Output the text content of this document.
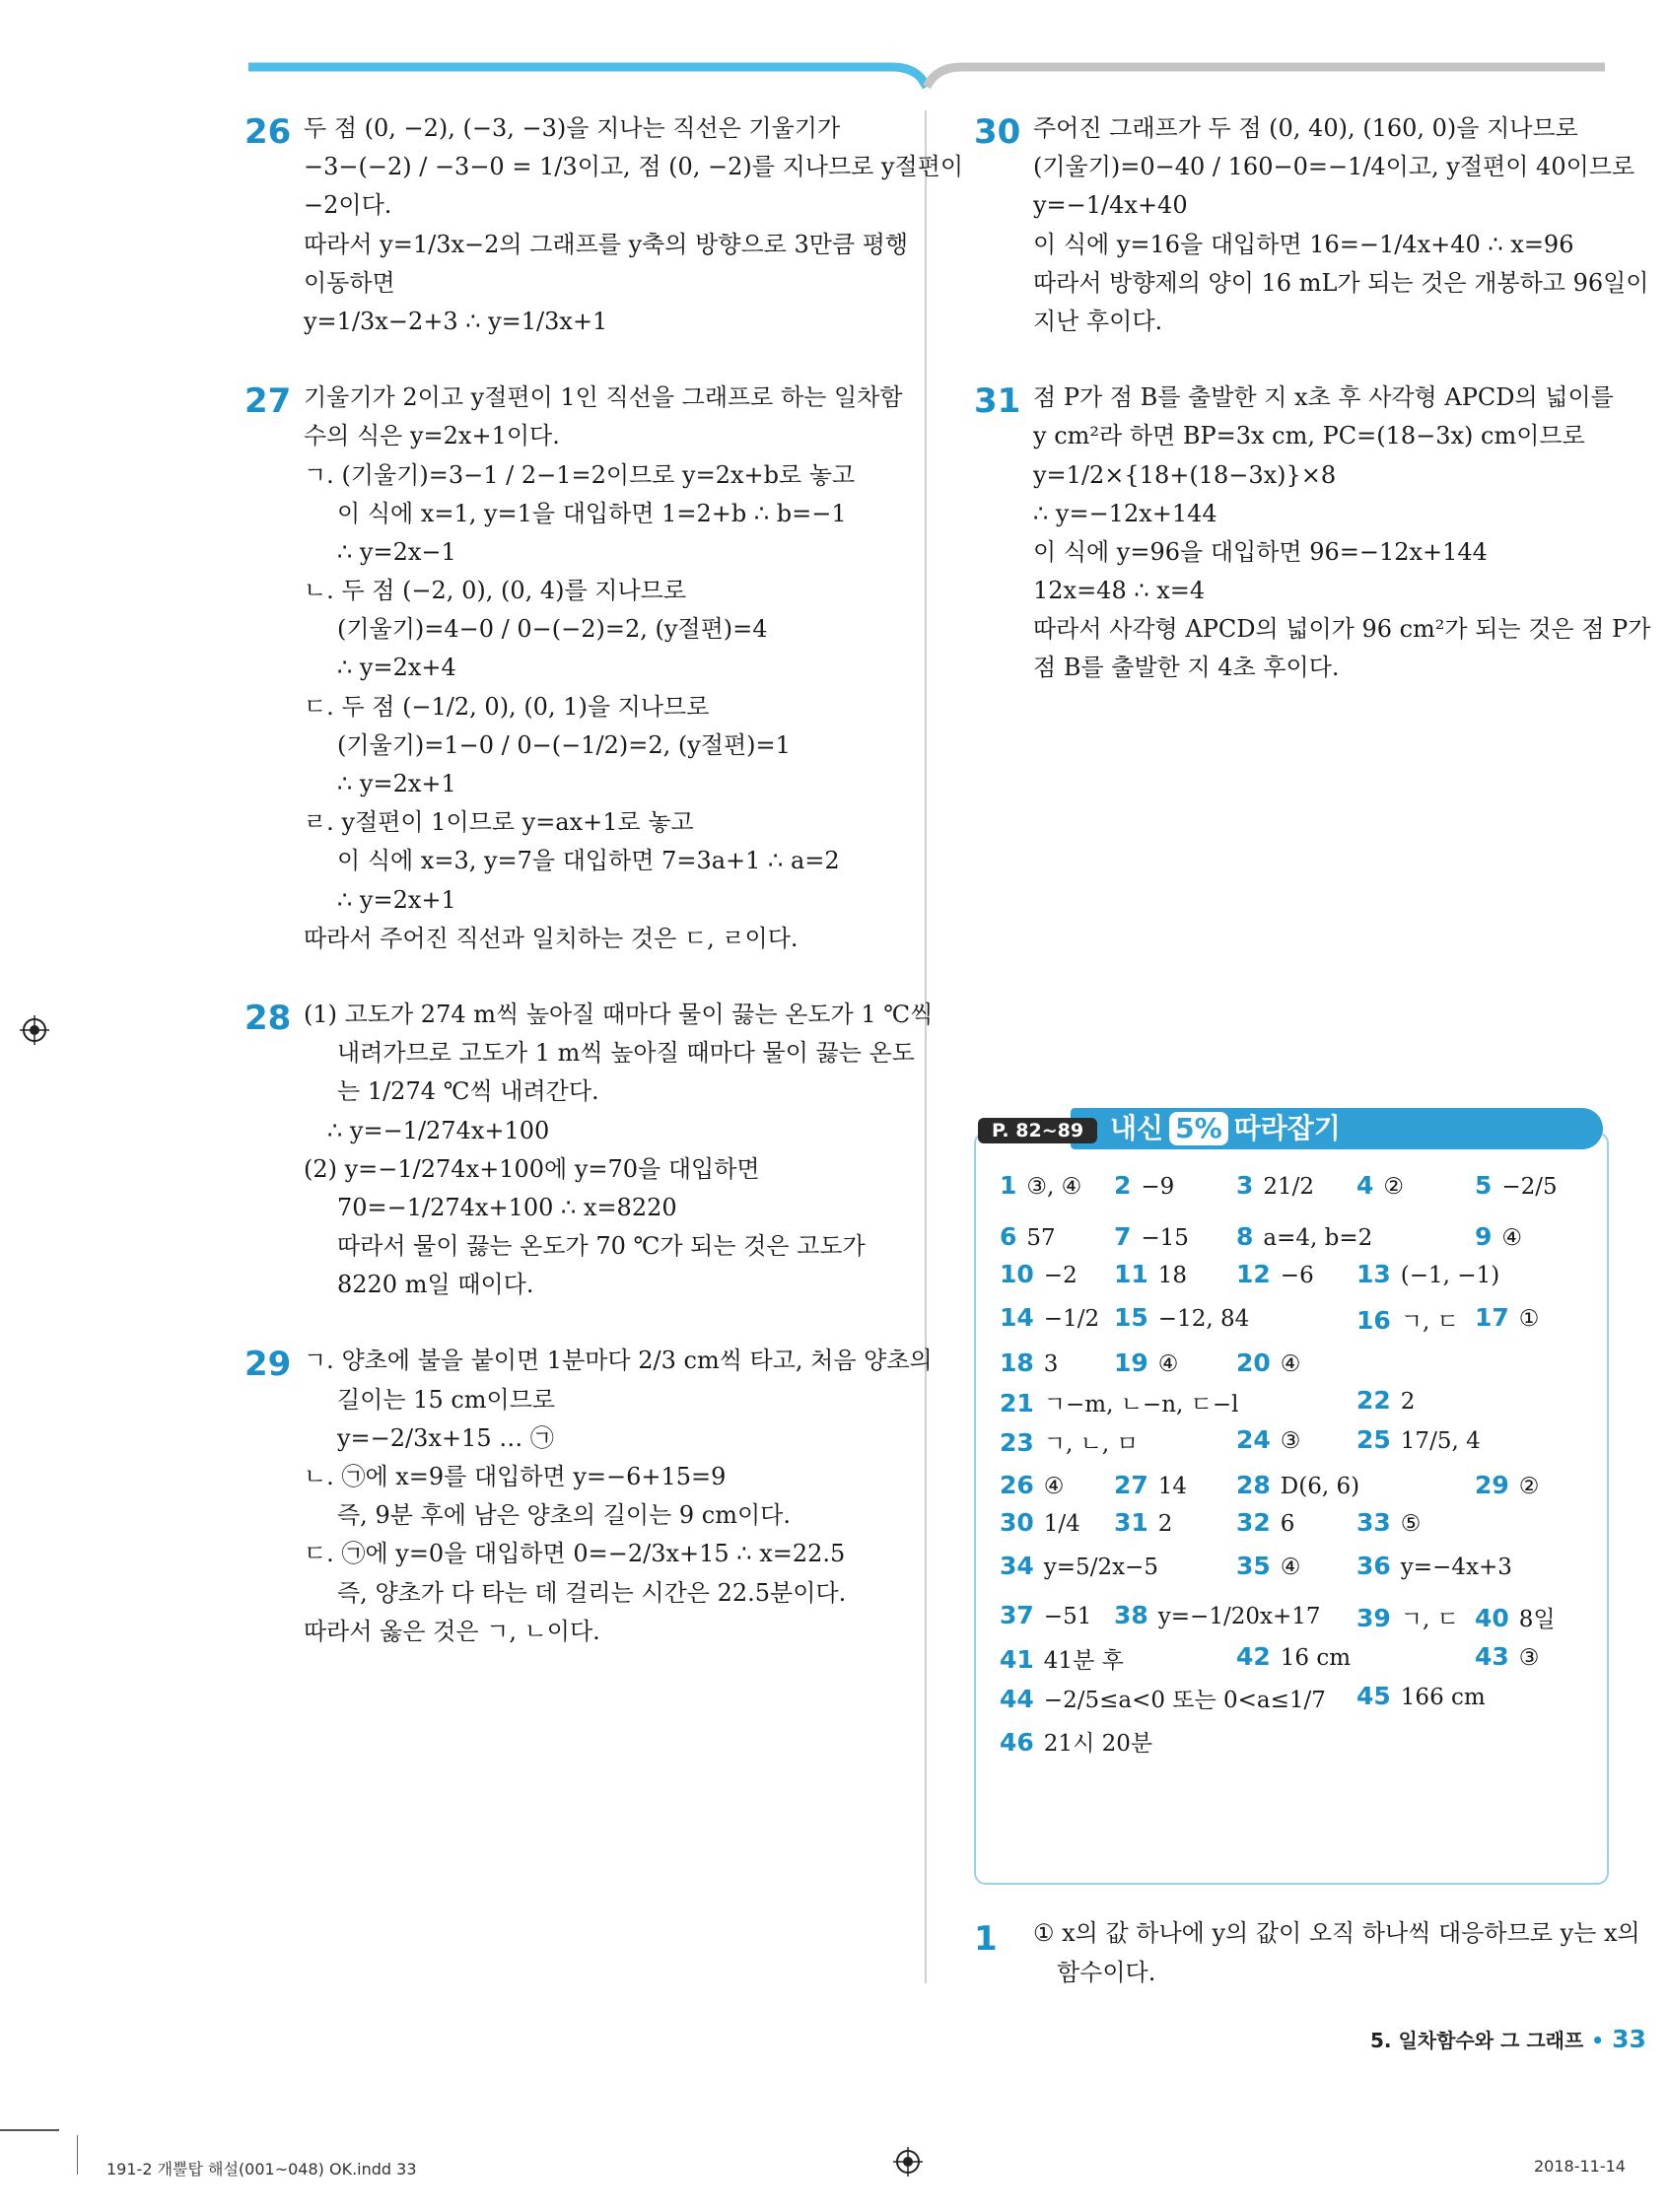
26 두 점 (0, −2), (−3, −3)을 지나는 직선은 기울기가
−3−(−2) / −3−0 = 1/3이고, 점 (0, −2)를 지나므로 y절편이
−2이다.
따라서 y=1/3x−2의 그래프를 y축의 방향으로 3만큼 평행
이동하면
y=1/3x−2+3 ∴ y=1/3x+1
27 기울기가 2이고 y절편이 1인 직선을 그래프로 하는 일차함
수의 식은 y=2x+1이다.
ㄱ. (기울기)=3−1 / 2−1=2이므로 y=2x+b로 놓고
이 식에 x=1, y=1을 대입하면 1=2+b ∴ b=−1
∴ y=2x−1
ㄴ. 두 점 (−2, 0), (0, 4)를 지나므로
(기울기)=4−0 / 0−(−2)=2, (y절편)=4
∴ y=2x+4
ㄷ. 두 점 (−1/2, 0), (0, 1)을 지나므로
(기울기)=1−0 / 0−(−1/2)=2, (y절편)=1
∴ y=2x+1
ㄹ. y절편이 1이므로 y=ax+1로 놓고
이 식에 x=3, y=7을 대입하면 7=3a+1 ∴ a=2
∴ y=2x+1
따라서 주어진 직선과 일치하는 것은 ㄷ, ㄹ이다.
28 (1) 고도가 274 m씩 높아질 때마다 물이 끓는 온도가 1 ℃씩
내려가므로 고도가 1 m씩 높아질 때마다 물이 끓는 온도
는 1/274 ℃씩 내려간다.
∴ y=−1/274x+100
(2) y=−1/274x+100에 y=70을 대입하면
70=−1/274x+100 ∴ x=8220
따라서 물이 끓는 온도가 70 ℃가 되는 것은 고도가
8220 m일 때이다.
29 ㄱ. 양초에 불을 붙이면 1분마다 2/3 cm씩 타고, 처음 양초의
길이는 15 cm이므로
y=−2/3x+15 … ㉠
ㄴ. ㉠에 x=9를 대입하면 y=−6+15=9
즉, 9분 후에 남은 양초의 길이는 9 cm이다.
ㄷ. ㉠에 y=0을 대입하면 0=−2/3x+15 ∴ x=22.5
즉, 양초가 다 타는 데 걸리는 시간은 22.5분이다.
따라서 옳은 것은 ㄱ, ㄴ이다.
30 주어진 그래프가 두 점 (0, 40), (160, 0)을 지나므로
(기울기)=0−40 / 160−0=−1/4이고, y절편이 40이므로
y=−1/4x+40
이 식에 y=16을 대입하면 16=−1/4x+40 ∴ x=96
따라서 방향제의 양이 16 mL가 되는 것은 개봉하고 96일이
지난 후이다.
31 점 P가 점 B를 출발한 지 x초 후 사각형 APCD의 넓이를
y cm²라 하면 BP=3x cm, PC=(18−3x) cm이므로
y=1/2×{18+(18−3x)}×8
∴ y=−12x+144
이 식에 y=96을 대입하면 96=−12x+144
12x=48 ∴ x=4
따라서 사각형 APCD의 넓이가 96 cm²가 되는 것은 점 P가
점 B를 출발한 지 4초 후이다.
내신 5% 따라잡기
P. 82~89
1 ③, ④ 2 −9	3 21/2 4 ②	5 −2/5
6 57 7 −15 8 a=4, b=2	9 ④
10 −2 11 18 12 −6 13 (−1, −1)
14 −1/2 15 −12, 84	16 ㄱ, ㄷ 17 ①
18 3 19 ④ 20 ④
21 ㄱ−m, ㄴ−n, ㄷ−l	22 2
23 ㄱ, ㄴ, ㅁ	24 ③ 25 17/5, 4
26 ④ 27 14 28 D(6, 6)	29 ②
30 1/4 31 2	32 6	33 ⑤
34 y=5/2x−5	35 ④ 36 y=−4x+3
37 −51 38 y=−1/20x+17 39 ㄱ, ㄷ 40 8일
41 41분 후	42 16 cm	43 ③
44 −2/5≤a<0 또는 0<a≤1/7 45 166 cm
46 21시 20분
1 ① x의 값 하나에 y의 값이 오직 하나씩 대응하므로 y는 x의
함수이다.
5. 일차함수와 그 그래프 • 33
191-2 개뿔탑 해설(001~048) OK.indd 33	2018-11-14
